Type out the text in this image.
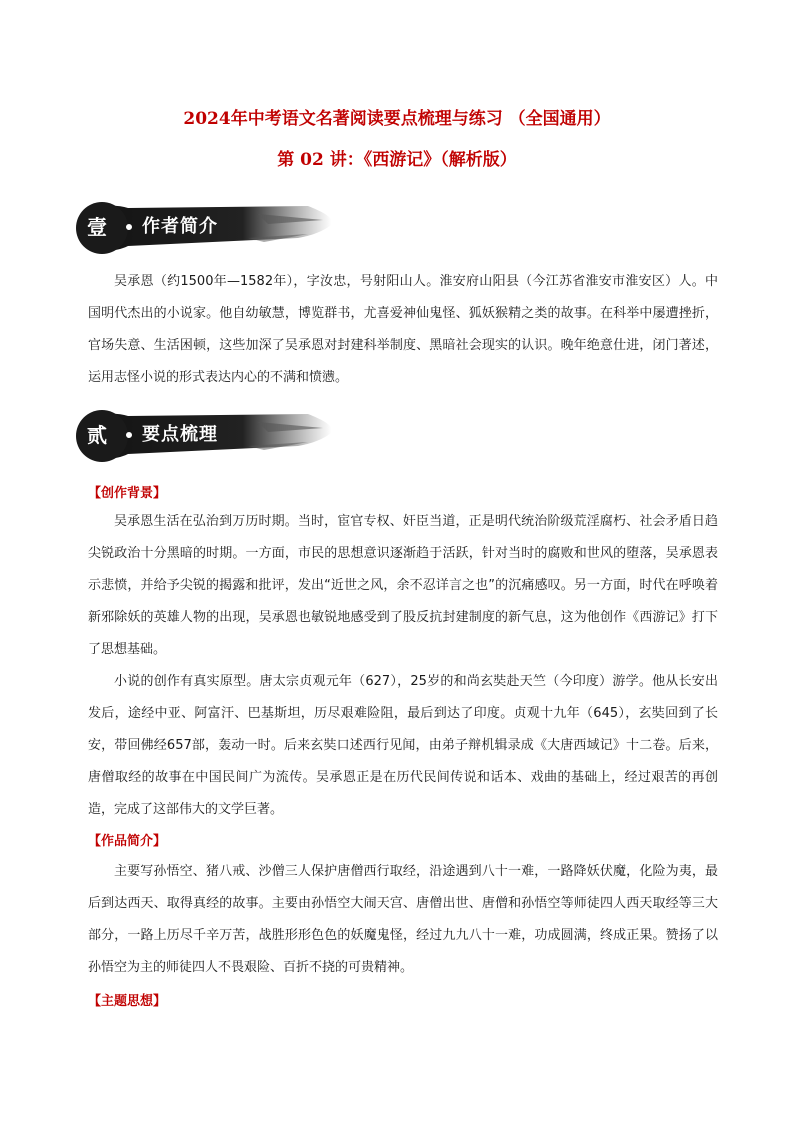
2024年中考语文名著阅读要点梳理与练习 （全国通用）
第 02 讲：《西游记》（解析版）
壹 作者简介

吴承恩（约1500年—1582年），字汝忠，号射阳山人。淮安府山阳县（今江苏省淮安市淮安区）人。中国明代杰出的小说家。他自幼敏慧，博览群书，尤喜爱神仙鬼怪、狐妖猴精之类的故事。在科举中屡遭挫折，官场失意、生活困顿，这些加深了吴承恩对封建科举制度、黑暗社会现实的认识。晚年绝意仕进，闭门著述，运用志怪小说的形式表达内心的不满和愤懑。

贰 要点梳理
【创作背景】

吴承恩生活在弘治到万历时期。当时，宦官专权、奸臣当道，正是明代统治阶级荒淫腐朽、社会矛盾日趋尖锐政治十分黑暗的时期。一方面，市民的思想意识逐渐趋于活跃，针对当时的腐败和世风的堕落，吴承恩表示悲愤，并给予尖锐的揭露和批评，发出“近世之风，余不忍详言之也”的沉痛感叹。另一方面，时代在呼唤着新邪除妖的英雄人物的出现，吴承恩也敏锐地感受到了股反抗封建制度的新气息，这为他创作《西游记》打下了思想基础。

小说的创作有真实原型。唐太宗贞观元年（627），25岁的和尚玄奘赴天竺（今印度）游学。他从长安出发后，途经中亚、阿富汗、巴基斯坦，历尽艰难险阻，最后到达了印度。贞观十九年（645），玄奘回到了长安，带回佛经657部，轰动一时。后来玄奘口述西行见闻，由弟子辩机辑录成《大唐西域记》十二卷。后来，唐僧取经的故事在中国民间广为流传。吴承恩正是在历代民间传说和话本、戏曲的基础上，经过艰苦的再创造，完成了这部伟大的文学巨著。

【作品简介】

主要写孙悟空、猪八戒、沙僧三人保护唐僧西行取经，沿途遇到八十一难，一路降妖伏魔，化险为夷，最后到达西天、取得真经的故事。主要由孙悟空大闹天宫、唐僧出世、唐僧和孙悟空等师徒四人西天取经等三大部分，一路上历尽千辛万苦，战胜形形色色的妖魔鬼怪，经过九九八十一难，功成圆满，终成正果。赞扬了以孙悟空为主的师徒四人不畏艰险、百折不挠的可贵精神。

【主题思想】
